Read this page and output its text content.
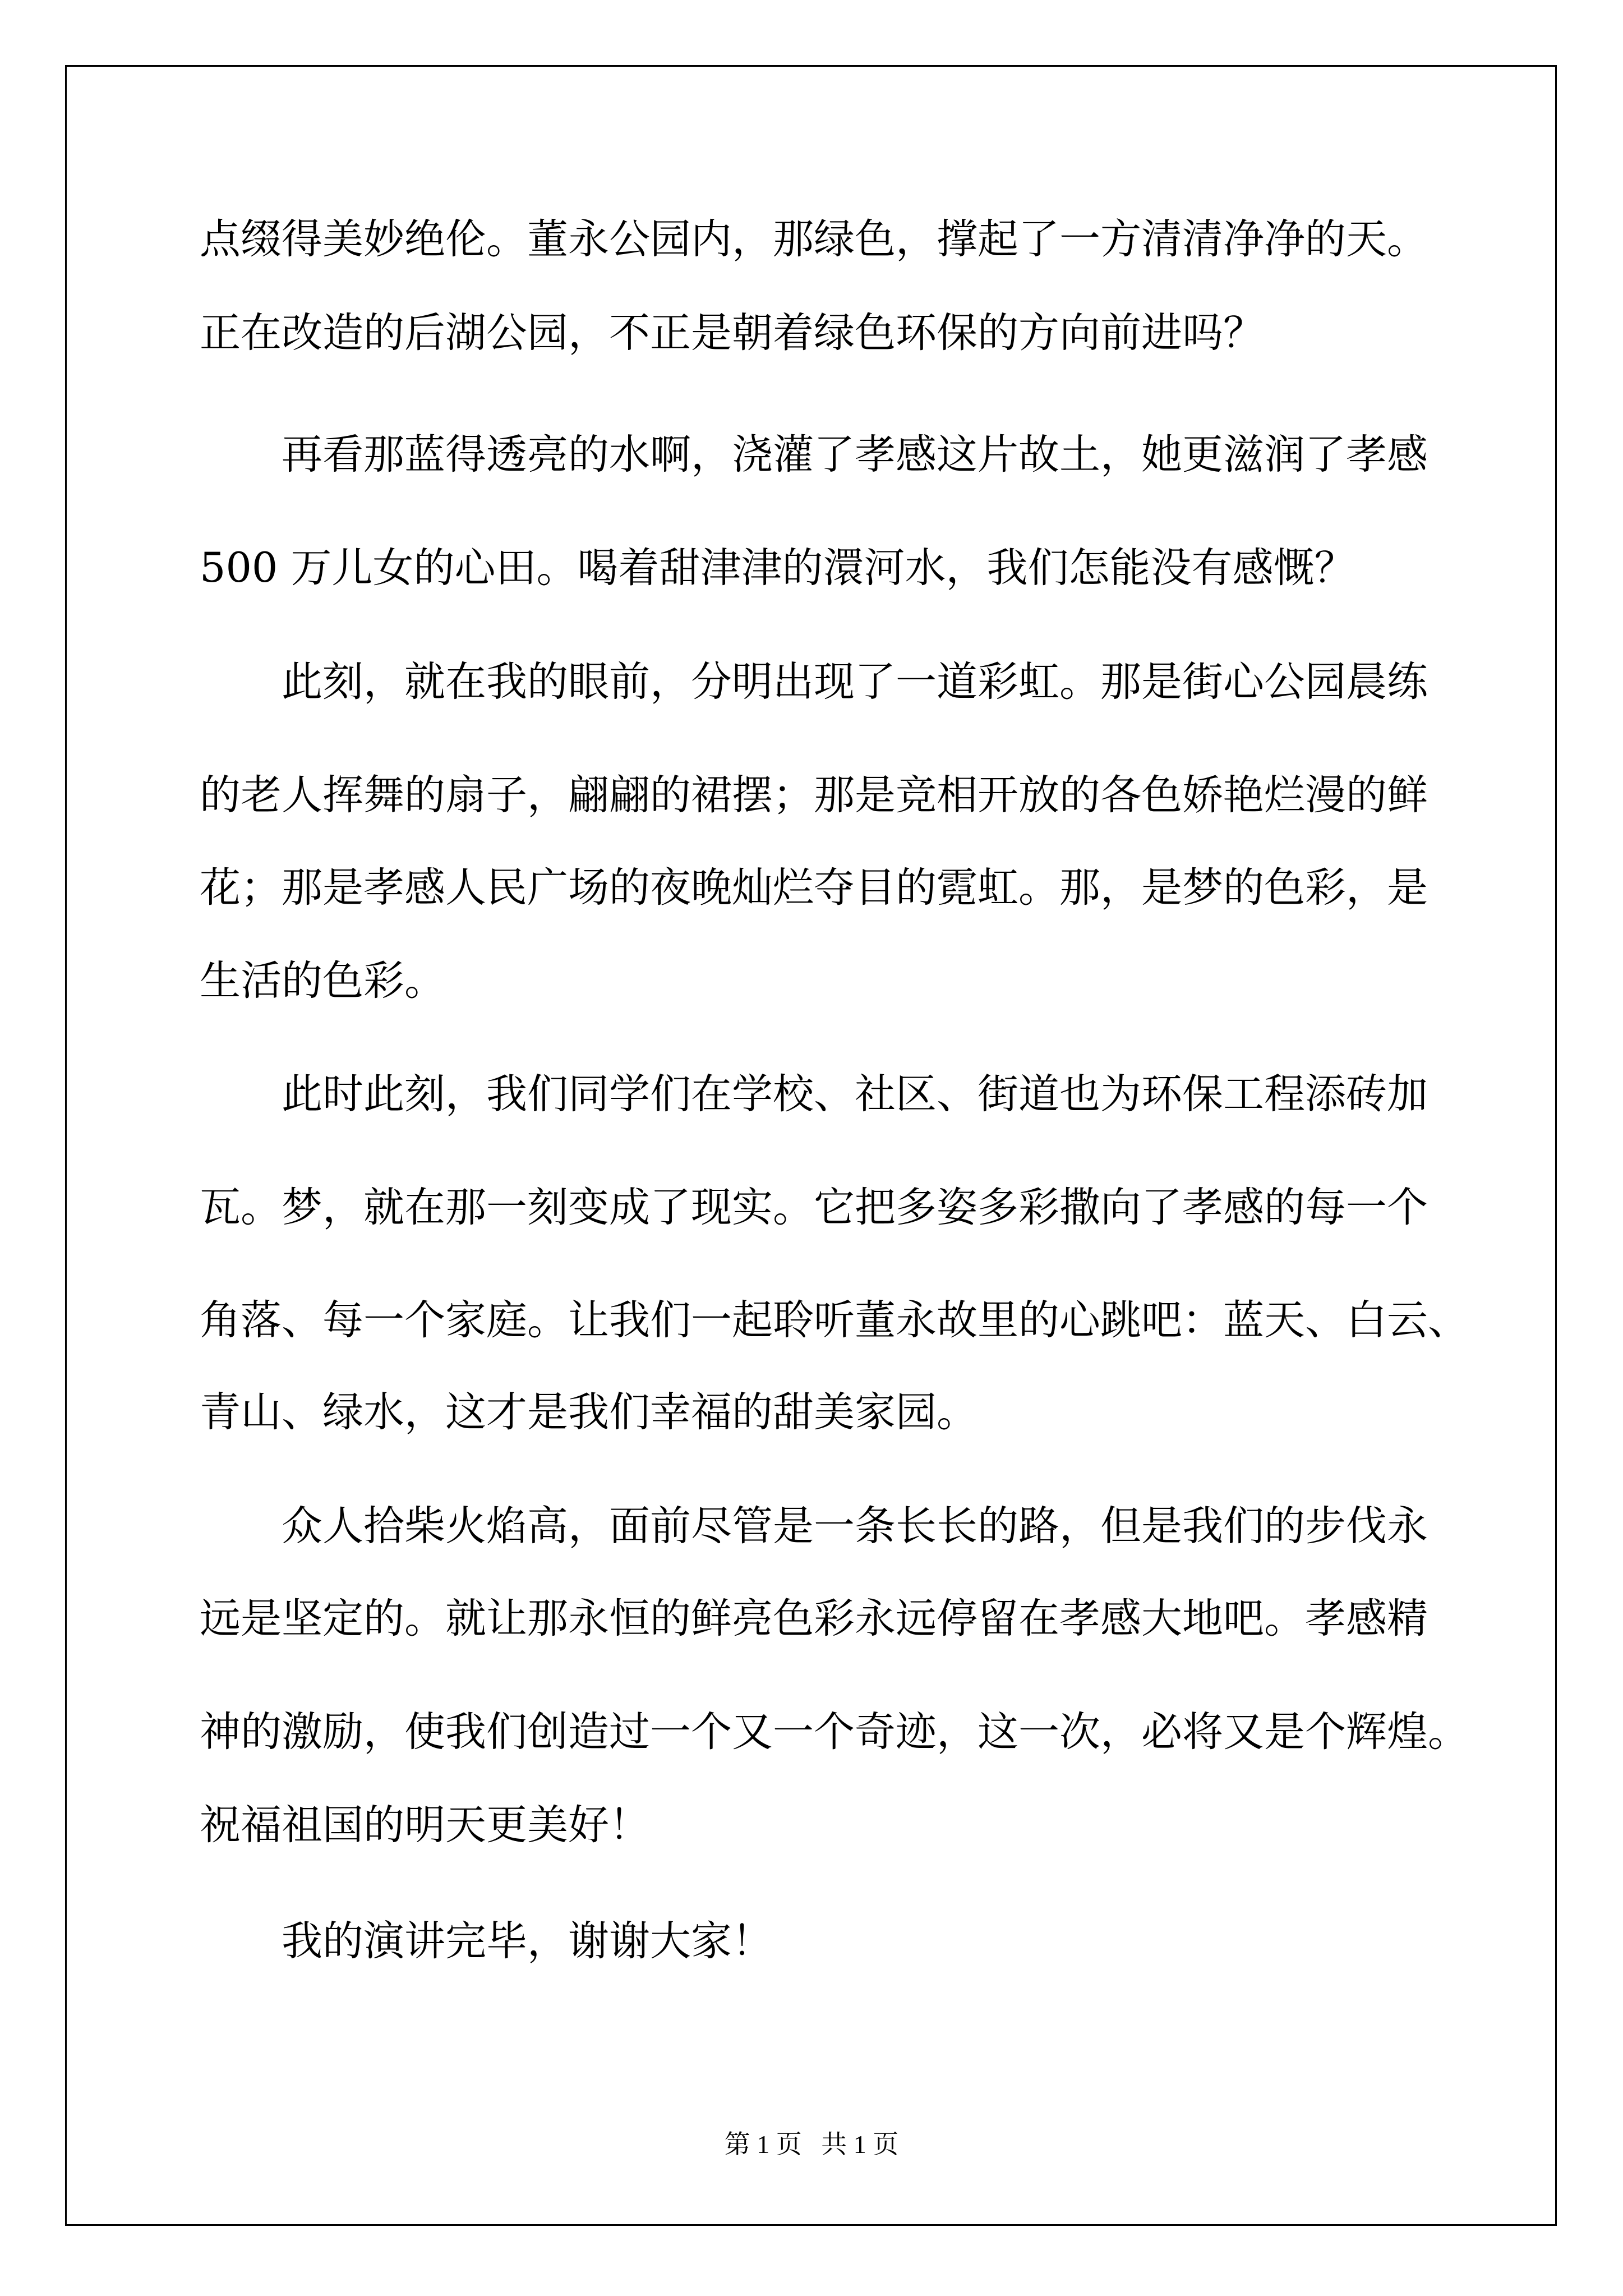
点缀得美妙绝伦。董永公园内，那绿色，撑起了一方清清净净的天。

正在改造的后湖公园，不正是朝着绿色环保的方向前进吗？

再看那蓝得透亮的水啊，浇灌了孝感这片故土，她更滋润了孝感

500 万儿女的心田。喝着甜津津的澴河水，我们怎能没有感慨？

此刻，就在我的眼前，分明出现了一道彩虹。那是街心公园晨练

的老人挥舞的扇子，翩翩的裙摆；那是竞相开放的各色娇艳烂漫的鲜

花；那是孝感人民广场的夜晚灿烂夺目的霓虹。那，是梦的色彩，是

生活的色彩。

此时此刻，我们同学们在学校、社区、街道也为环保工程添砖加

瓦。梦，就在那一刻变成了现实。它把多姿多彩撒向了孝感的每一个

角落、每一个家庭。让我们一起聆听董永故里的心跳吧：蓝天、白云、

青山、绿水，这才是我们幸福的甜美家园。

众人拾柴火焰高，面前尽管是一条长长的路，但是我们的步伐永

远是坚定的。就让那永恒的鲜亮色彩永远停留在孝感大地吧。孝感精

神的激励，使我们创造过一个又一个奇迹，这一次，必将又是个辉煌。

祝福祖国的明天更美好！

我的演讲完毕，谢谢大家！

第 1 页   共 1 页
